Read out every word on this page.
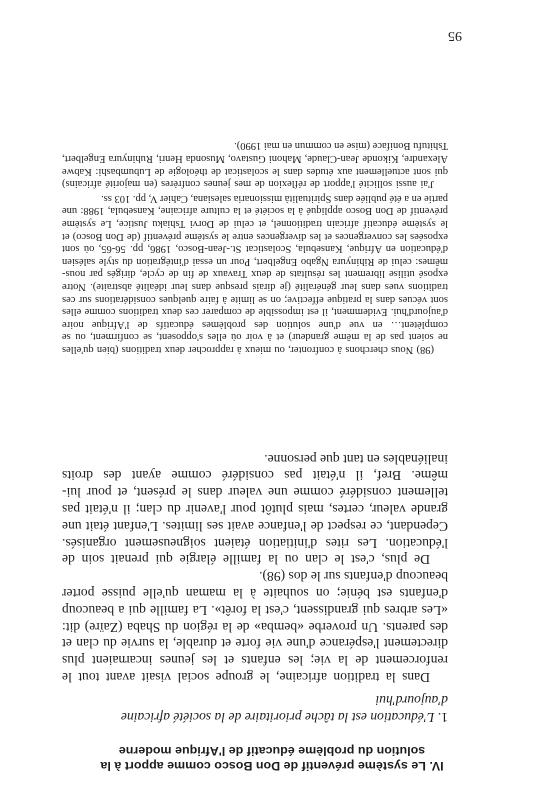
IV. Le système préventif de Don Bosco comme apport à la solution du problème éducatif de l'Afrique moderne
1. L'éducation est la tâche prioritaire de la société africaine d'aujourd'hui

Dans la tradition africaine, le groupe social visait avant tout le renforcement de la vie; les enfants et les jeunes incarnaient plus directement l'espérance d'une vie forte et durable, la survie du clan et des parents. Un proverbe «bemba» de la région du Shaba (Zaïre) dit: «Les arbres qui grandissent, c'est la forêt». La famille qui a beaucoup d'enfants est bénie; on souhaite à la maman qu'elle puisse porter beaucoup d'enfants sur le dos (98).

De plus, c'est le clan ou la famille élargie qui prenait soin de l'éducation. Les rites d'initiation étaient soigneusement organisés. Cependant, ce respect de l'enfance avait ses limites. L'enfant était une grande valeur, certes, mais plutôt pour l'avenir du clan; il n'était pas tellement considéré comme une valeur dans le présent, et pour lui-même. Bref, il n'était pas considéré comme ayant des droits inaliénables en tant que personne.

(98) Nous cherchons à confronter, ou mieux à rapprocher deux traditions (bien qu'elles ne soient pas de la même grandeur) et à voir où elles s'opposent, se confirment, ou se complètent… en vue d'une solution des problèmes éducatifs de l'Afrique noire d'aujourd'hui. Evidemment, il est impossible de comparer ces deux traditions comme elles sont vécues dans la pratique effective; on se limite à faire quelques considérations sur ces traditions vues dans leur généralité (je dirais presque dans leur idéalité abstraite). Notre exposé utilise librement les résultats de deux Travaux de fin de cycle, dirigés par nous-mêmes: celui de Rihinyura Ngabo Engelbert, Pour un essai d'intégration du style salésien d'éducation en Afrique, Kansebula, Scolasticat St.-Jean-Bosco, 1986, pp. 56-65, où sont exposées les convergences et les divergences entre le système préventif (de Don Bosco) et le système éducatif africain traditionnel, et celui de Dorvi Tshiaku Justice, Le système préventif de Don Bosco appliqué à la société et la culture africaine, Kansebula, 1988: une partie en a été publiée dans Spiritualità missionaria salesiana, Cahier V, pp. 103 ss.

J'ai aussi sollicité l'apport de réflexion de mes jeunes confrères (en majorité africains) qui sont actuellement aux études dans le scolasticat de théologie de Lubumbashi: Kabwe Alexandre, Kikonde Jean-Claude, Mahoni Gustavo, Musonda Henri, Ruhinyura Engelbert, Tshitufu Boniface (mise en commun en mai 1990).

95
